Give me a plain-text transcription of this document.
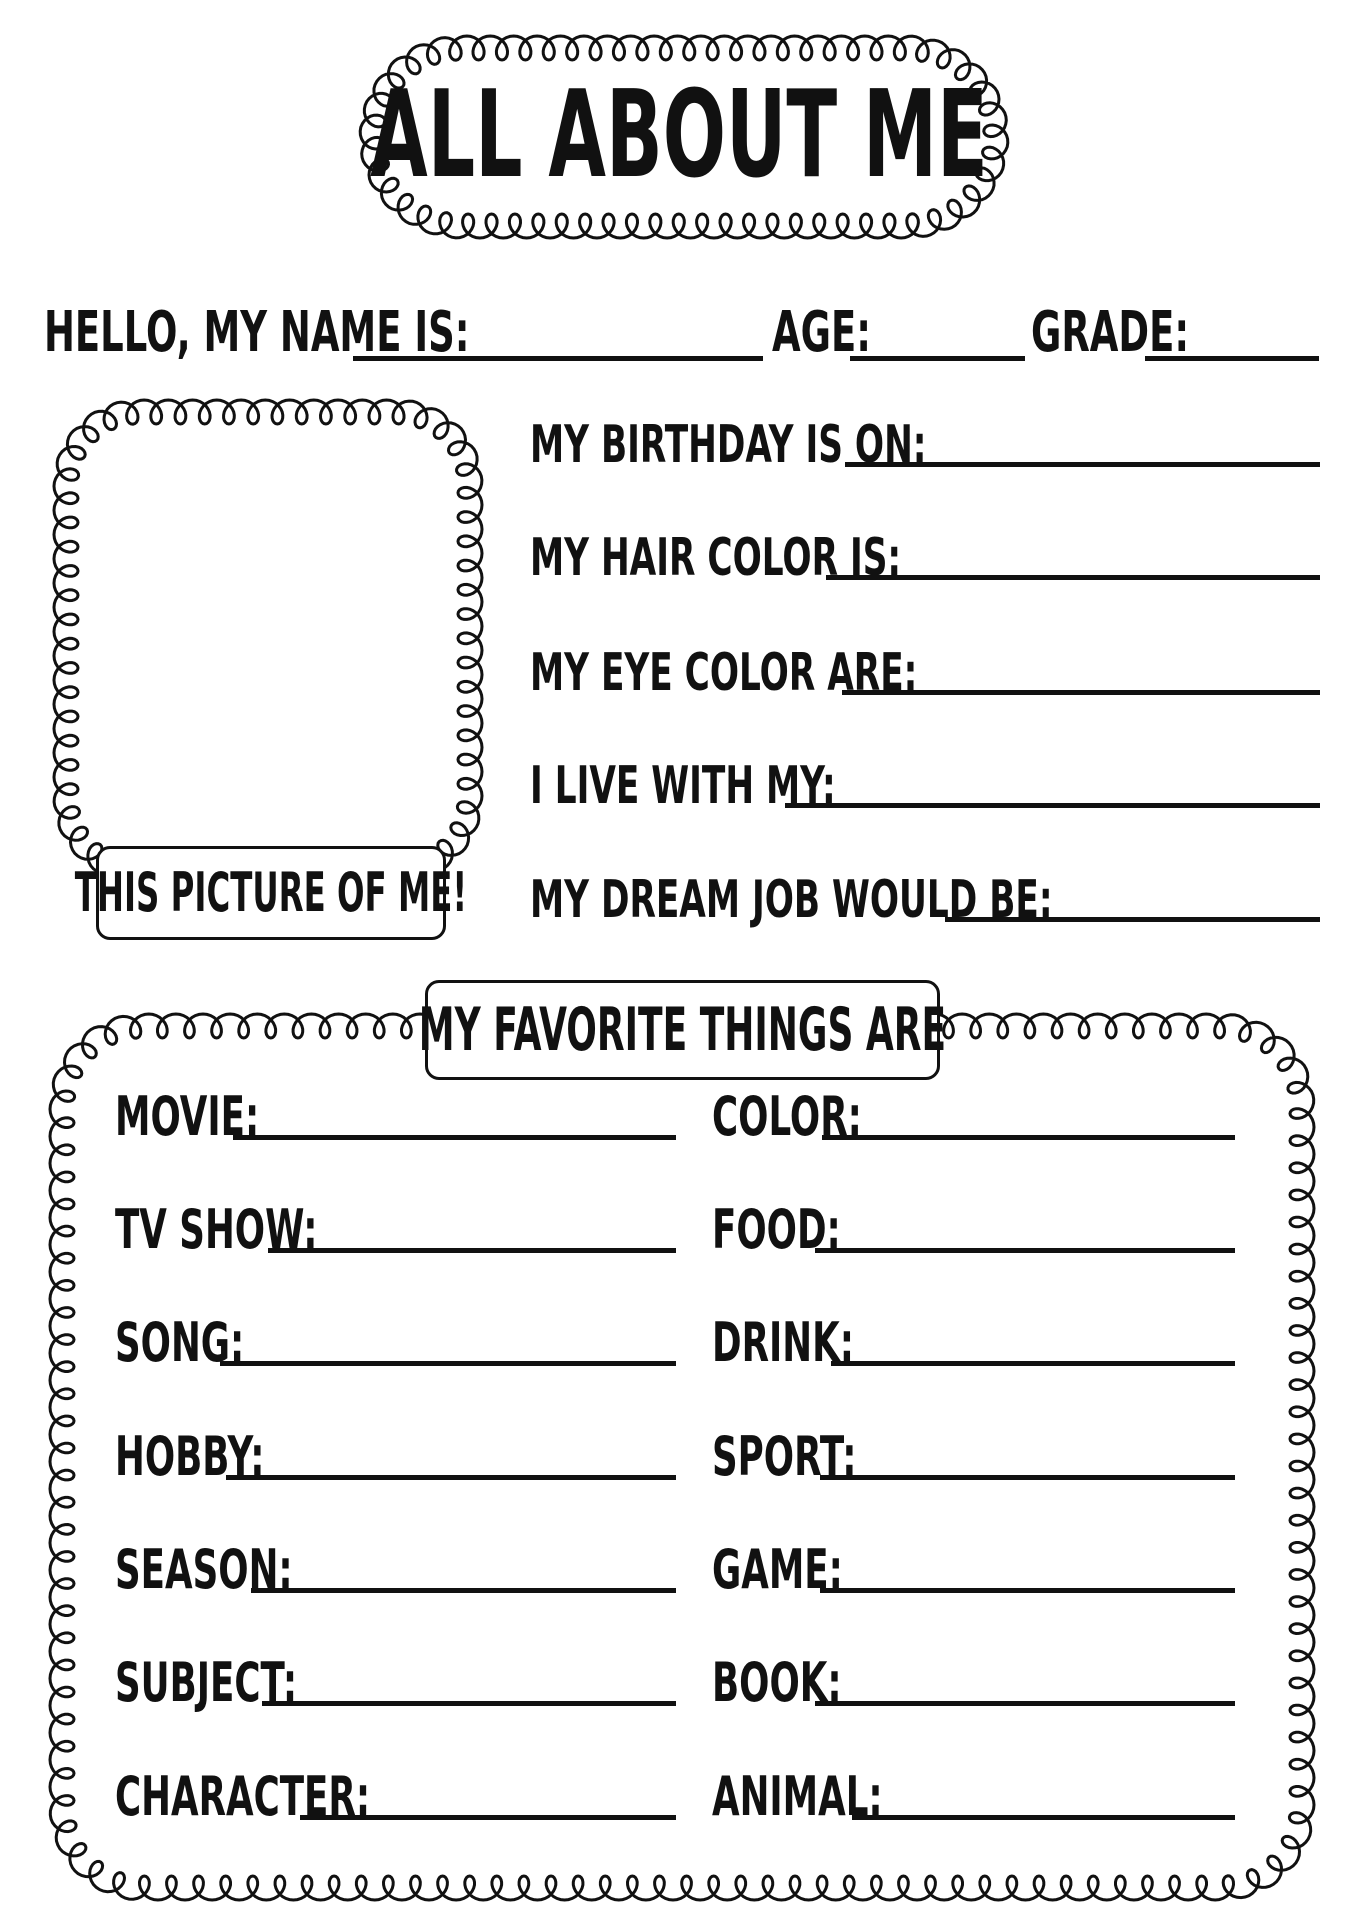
ALL ABOUT ME
HELLO, MY NAME IS:	AGE:	GRADE:
THIS PICTURE OF ME!
MY BIRTHDAY IS ON:
MY HAIR COLOR IS:
MY EYE COLOR ARE:
I LIVE WITH MY:
MY DREAM JOB WOULD BE:
MY FAVORITE THINGS ARE
MOVIE:
TV SHOW:
SONG:
HOBBY:
SEASON:
SUBJECT:
CHARACTER:
COLOR:
FOOD:
DRINK:
SPORT:
GAME:
BOOK:
ANIMAL:
